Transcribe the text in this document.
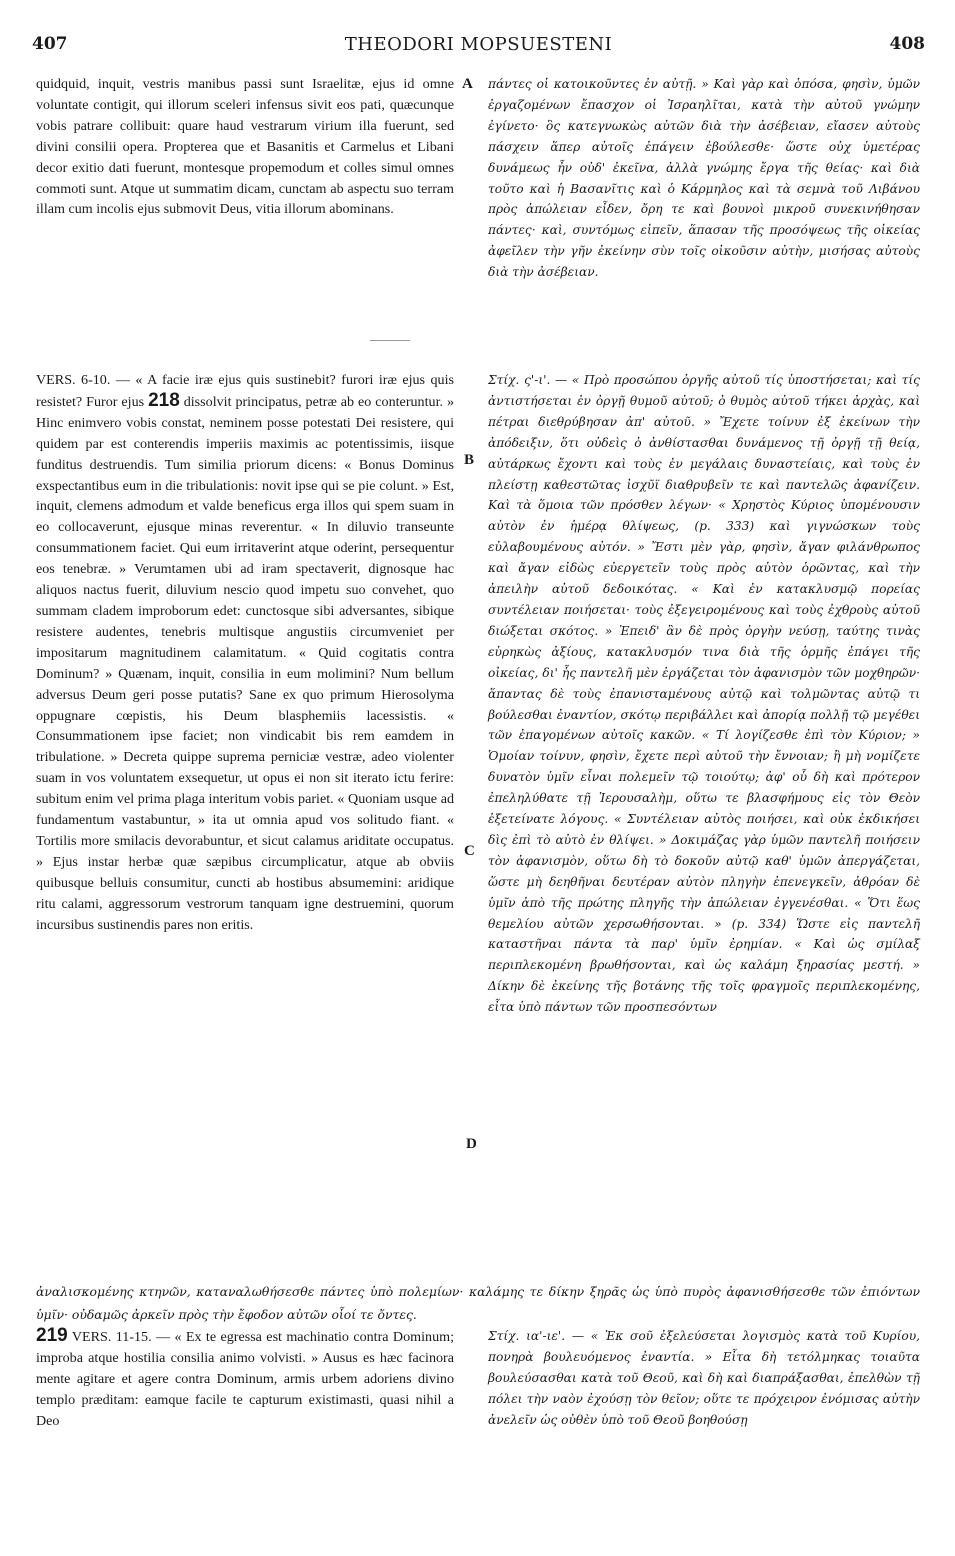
407	THEODORI MOPSUESTENI	408

quidquid, inquit, vestris manibus passi sunt Israelitæ, ejus id omne voluntate contigit, qui illorum sceleri infensus sivit eos pati, quæcunque vobis patrare collibuit: quare haud vestrarum virium illa fuerunt, sed divini consilii opera. Propterea que et Basanitis et Carmelus et Libani decor exitio dati fuerunt, montesque propemodum et colles simul omnes commoti sunt. Atque ut summatim dicam, cunctam ab aspectu suo terram illam cum incolis ejus submovit Deus, vitia illorum abominans.

πάντες οἱ κατοικοῦντες ἐν αὐτῇ. » Καὶ γὰρ καὶ ὁπόσα, φησὶν, ὑμῶν ἐργαζομένων ἔπασχον οἱ Ἰσραηλῖται, κατὰ τὴν αὐτοῦ γνώμην ἐγίνετο· ὃς κατεγνωκὼς αὐτῶν διὰ τὴν ἀσέβειαν, εἴασεν αὐτοὺς πάσχειν ἅπερ αὐτοῖς ἐπάγειν ἐβούλεσθε· ὥστε οὐχ ὑμετέρας δυνάμεως ἦν οὐδ' ἐκεῖνα, ἀλλὰ γνώμης ἔργα τῆς θείας· καὶ διὰ τοῦτο καὶ ἡ Βασανῖτις καὶ ὁ Κάρμηλος καὶ τὰ σεμνὰ τοῦ Λιβάνου πρὸς ἀπώλειαν εἶδεν, ὄρη τε καὶ βουνοὶ μικροῦ συνεκινήθησαν πάντες· καὶ, συντόμως εἰπεῖν, ἅπασαν τῆς προσόψεως τῆς οἰκείας ἀφεῖλεν τὴν γῆν ἐκείνην σὺν τοῖς οἰκοῦσιν αὐτὴν, μισήσας αὐτοὺς διὰ τὴν ἀσέβειαν.

VERS. 6-10. — « A facie iræ ejus quis sustinebit? furori iræ ejus quis resistet? Furor ejus 218 dissolvit principatus, petræ ab eo conteruntur. » Hinc enimvero vobis constat, neminem posse potestati Dei resistere, qui quidem par est conterendis imperiis maximis ac potentissimis, iisque funditus destruendis. Tum similia priorum dicens: « Bonus Dominus exspectantibus eum in die tribulationis: novit ipse qui se pie colunt. » Est, inquit, clemens admodum et valde beneficus erga illos qui spem suam in eo collocaverunt, ejusque minas reverentur. « In diluvio transeunte consummationem faciet. Qui eum irritaverint atque oderint, persequentur eos tenebræ. » Verumtamen ubi ad iram spectaverit, dignosque hac aliquos nactus fuerit, diluvium nescio quod impetu suo convehet, quo summam cladem improborum edet: cunctosque sibi adversantes, sibique resistere audentes, tenebris multisque angustiis circumveniet per impositarum magnitudinem calamitatum. « Quid cogitatis contra Dominum? » Quænam, inquit, consilia in eum molimini? Num bellum adversus Deum geri posse putatis? Sane ex quo primum Hierosolyma oppugnare cœpistis, his Deum blasphemiis lacessistis. « Consummationem ipse faciet; non vindicabit bis rem eamdem in tribulatione. » Decreta quippe suprema perniciæ vestræ, adeo violenter suam in vos voluntatem exsequetur, ut opus ei non sit iterato ictu ferire: subitum enim vel prima plaga interitum vobis pariet. « Quoniam usque ad fundamentum vastabuntur, » ita ut omnia apud vos solitudo fiant. « Tortilis more smilacis devorabuntur, et sicut calamus ariditate occupatus. » Ejus instar herbæ quæ sæpibus circumplicatur, atque ab obviis quibusque belluis consumitur, cuncti ab hostibus absumemini: aridique ritu calami, aggressorum vestrorum tanquam igne destruemini, quorum incursibus sustinendis pares non eritis.

Στίχ. ς'-ι'. — « Πρὸ προσώπου ὀργῆς αὐτοῦ τίς ὑποστήσεται; καὶ τίς ἀντιστήσεται ἐν ὀργῇ θυμοῦ αὐτοῦ; ὁ θυμὸς αὐτοῦ τήκει ἀρχὰς, καὶ πέτραι διεθρύβησαν ἀπ' αὐτοῦ. » Ἔχετε τοίνυν ἐξ ἐκείνων τὴν ἀπόδειξιν, ὅτι οὐδεὶς ὁ ἀνθίστασθαι δυνάμενος τῇ ὀργῇ τῇ θείᾳ, αὐτάρκως ἔχοντι καὶ τοὺς ἐν μεγάλαις δυναστείαις, καὶ τοὺς ἐν πλείστῃ καθεστῶτας ἰσχῦϊ διαθρυβεῖν τε καὶ παντελῶς ἀφανίζειν. Καὶ τὰ ὅμοια τῶν πρόσθεν λέγων· « Χρηστὸς Κύριος ὑπομένουσιν αὐτὸν ἐν ἡμέρᾳ θλίψεως, (p. 333) καὶ γιγνώσκων τοὺς εὐλαβουμένους αὐτόν. » Ἔστι μὲν γὰρ, φησὶν, ἄγαν φιλάνθρωπος καὶ ἄγαν εἰδὼς εὐεργετεῖν τοὺς πρὸς αὐτὸν ὁρῶντας, καὶ τὴν ἀπειλὴν αὐτοῦ δεδοικότας. « Καὶ ἐν κατακλυσμῷ πορείας συντέλειαν ποιήσεται· τοὺς ἐξεγειρομένους καὶ τοὺς ἐχθροὺς αὐτοῦ διώξεται σκότος. » Ἐπειδ' ἂν δὲ πρὸς ὀργὴν νεύσῃ, ταύτης τινὰς εὑρηκὼς ἀξίους, κατακλυσμόν τινα διὰ τῆς ὁρμῆς ἐπάγει τῆς οἰκείας, δι' ἧς παντελῆ μὲν ἐργάζεται τὸν ἀφανισμὸν τῶν μοχθηρῶν· ἅπαντας δὲ τοὺς ἐπανισταμένους αὐτῷ καὶ τολμῶντας αὐτῷ τι βούλεσθαι ἐναντίον, σκότῳ περιβάλλει καὶ ἀπορίᾳ πολλῇ τῷ μεγέθει τῶν ἐπαγομένων αὐτοῖς κακῶν. « Τί λογίζεσθε ἐπὶ τὸν Κύριον; » Ὁμοίαν τοίνυν, φησὶν, ἔχετε περὶ αὐτοῦ τὴν ἔννοιαν; ἢ μὴ νομίζετε δυνατὸν ὑμῖν εἶναι πολεμεῖν τῷ τοιούτῳ; ἀφ' οὗ δὴ καὶ πρότερον ἐπεληλύθατε τῇ Ἱερουσαλὴμ, οὕτω τε βλασφήμους εἰς τὸν Θεὸν ἐξετείνατε λόγους. « Συντέλειαν αὐτὸς ποιήσει, καὶ οὐκ ἐκδικήσει δὶς ἐπὶ τὸ αὐτὸ ἐν θλίψει. » Δοκιμάζας γὰρ ὑμῶν παντελῆ ποιήσειν τὸν ἀφανισμὸν, οὕτω δὴ τὸ δοκοῦν αὐτῷ καθ' ὑμῶν ἀπεργάζεται, ὥστε μὴ δεηθῆναι δευτέραν αὐτὸν πληγὴν ἐπενεγκεῖν, ἀθρόαν δὲ ὑμῖν ἀπὸ τῆς πρώτης πληγῆς τὴν ἀπώλειαν ἐγγενέσθαι. « Ὅτι ἕως θεμελίου αὐτῶν χερσωθήσονται. » (p. 334) Ὥστε εἰς παντελῆ καταστῆναι πάντα τὰ παρ' ὑμῖν ἐρημίαν. « Καὶ ὡς σμίλαξ περιπλεκομένη βρωθήσονται, καὶ ὡς καλάμη ξηρασίας μεστή. » Δίκην δὲ ἐκείνης τῆς βοτάνης τῆς τοῖς φραγμοῖς περιπλεκομένης, εἶτα ὑπὸ πάντων τῶν προσπεσόντων

ἀναλισκομένης κτηνῶν, καταναλωθήσεσθε πάντες ὑπὸ πολεμίων· καλάμης τε δίκην ξηρᾶς ὡς ὑπὸ πυρὸς ἀφανισθήσεσθε τῶν ἐπιόντων ὑμῖν· οὐδαμῶς ἀρκεῖν πρὸς τὴν ἔφοδον αὐτῶν οἷοί τε ὄντες.

219 VERS. 11-15. — « Ex te egressa est machinatio contra Dominum; improba atque hostilia consilia animo volvisti. » Ausus es hæc facinora mente agitare et agere contra Dominum, armis urbem adoriens divino templo præditam: eamque facile te capturum existimasti, quasi nihil a Deo

Στίχ. ια'-ιε'. — « Ἐκ σοῦ ἐξελεύσεται λογισμὸς κατὰ τοῦ Κυρίου, πονηρὰ βουλευόμενος ἐναντία. » Εἶτα δὴ τετόλμηκας τοιαῦτα βουλεύσασθαι κατὰ τοῦ Θεοῦ, καὶ δὴ καὶ διαπράξασθαι, ἐπελθὼν τῇ πόλει τὴν ναὸν ἐχούσῃ τὸν θεῖον; οὕτε τε πρόχειρον ἐνόμισας αὐτὴν ἀνελεῖν ὡς οὐθὲν ὑπὸ τοῦ Θεοῦ βοηθούσῃ

A
B
C
D
